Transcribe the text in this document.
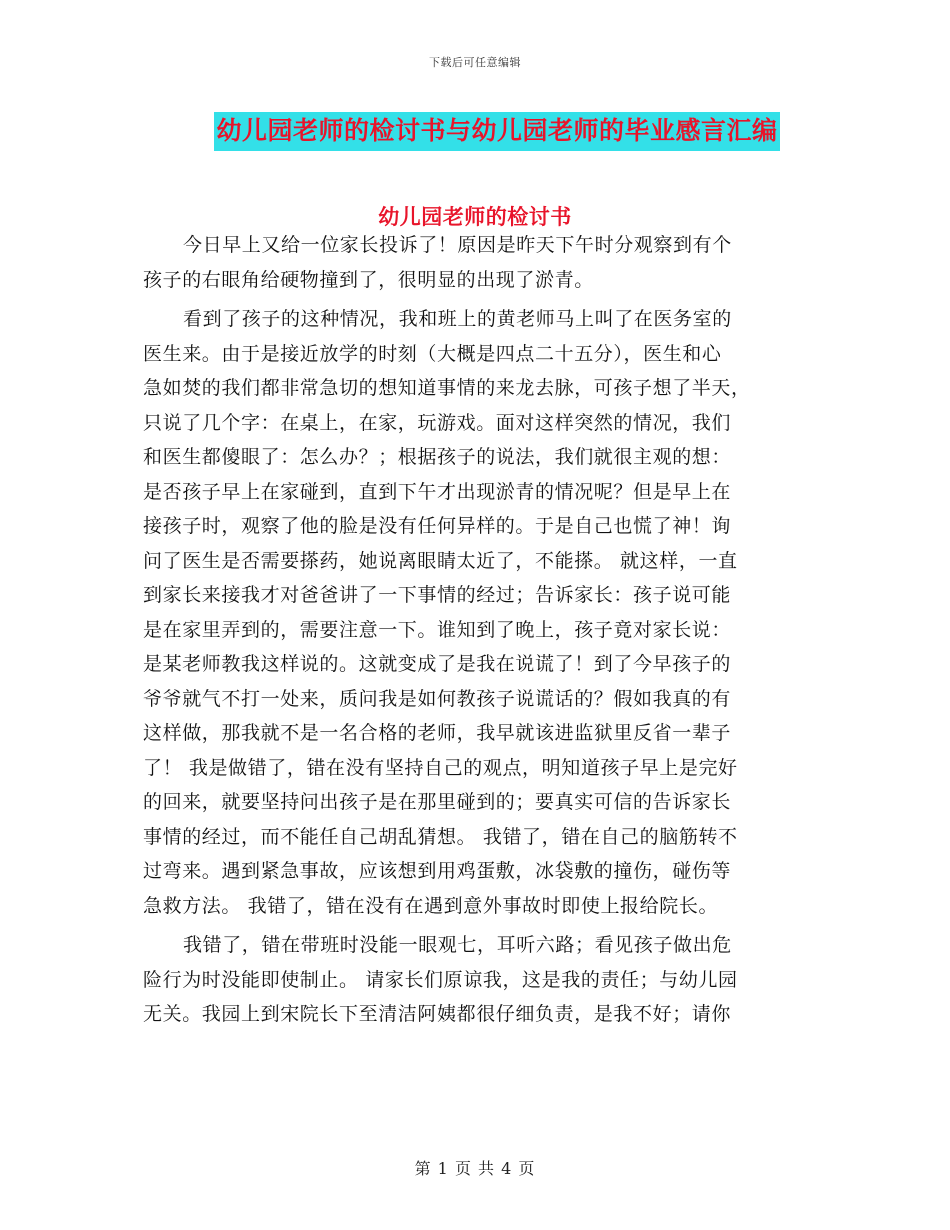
下载后可任意编辑
幼儿园老师的检讨书与幼儿园老师的毕业感言汇编
幼儿园老师的检讨书
今日早上又给一位家长投诉了！原因是昨天下午时分观察到有个
孩子的右眼角给硬物撞到了，很明显的出现了淤青。
看到了孩子的这种情况，我和班上的黄老师马上叫了在医务室的
医生来。由于是接近放学的时刻（大概是四点二十五分），医生和心
急如焚的我们都非常急切的想知道事情的来龙去脉，可孩子想了半天，
只说了几个字：在桌上，在家，玩游戏。面对这样突然的情况，我们
和医生都傻眼了：怎么办？；根据孩子的说法，我们就很主观的想：
是否孩子早上在家碰到，直到下午才出现淤青的情况呢？但是早上在
接孩子时，观察了他的脸是没有任何异样的。于是自己也慌了神！询
问了医生是否需要搽药，她说离眼睛太近了，不能搽。 就这样，一直
到家长来接我才对爸爸讲了一下事情的经过；告诉家长：孩子说可能
是在家里弄到的，需要注意一下。谁知到了晚上，孩子竟对家长说：
是某老师教我这样说的。这就变成了是我在说谎了！到了今早孩子的
爷爷就气不打一处来，质问我是如何教孩子说谎话的？假如我真的有
这样做，那我就不是一名合格的老师，我早就该进监狱里反省一辈子
了！ 我是做错了，错在没有坚持自己的观点，明知道孩子早上是完好
的回来，就要坚持问出孩子是在那里碰到的；要真实可信的告诉家长
事情的经过，而不能任自己胡乱猜想。 我错了，错在自己的脑筋转不
过弯来。遇到紧急事故，应该想到用鸡蛋敷，冰袋敷的撞伤，碰伤等
急救方法。 我错了，错在没有在遇到意外事故时即使上报给院长。
我错了，错在带班时没能一眼观七，耳听六路；看见孩子做出危
险行为时没能即使制止。 请家长们原谅我，这是我的责任；与幼儿园
无关。我园上到宋院长下至清洁阿姨都很仔细负责，是我不好；请你
第 1 页 共 4 页
